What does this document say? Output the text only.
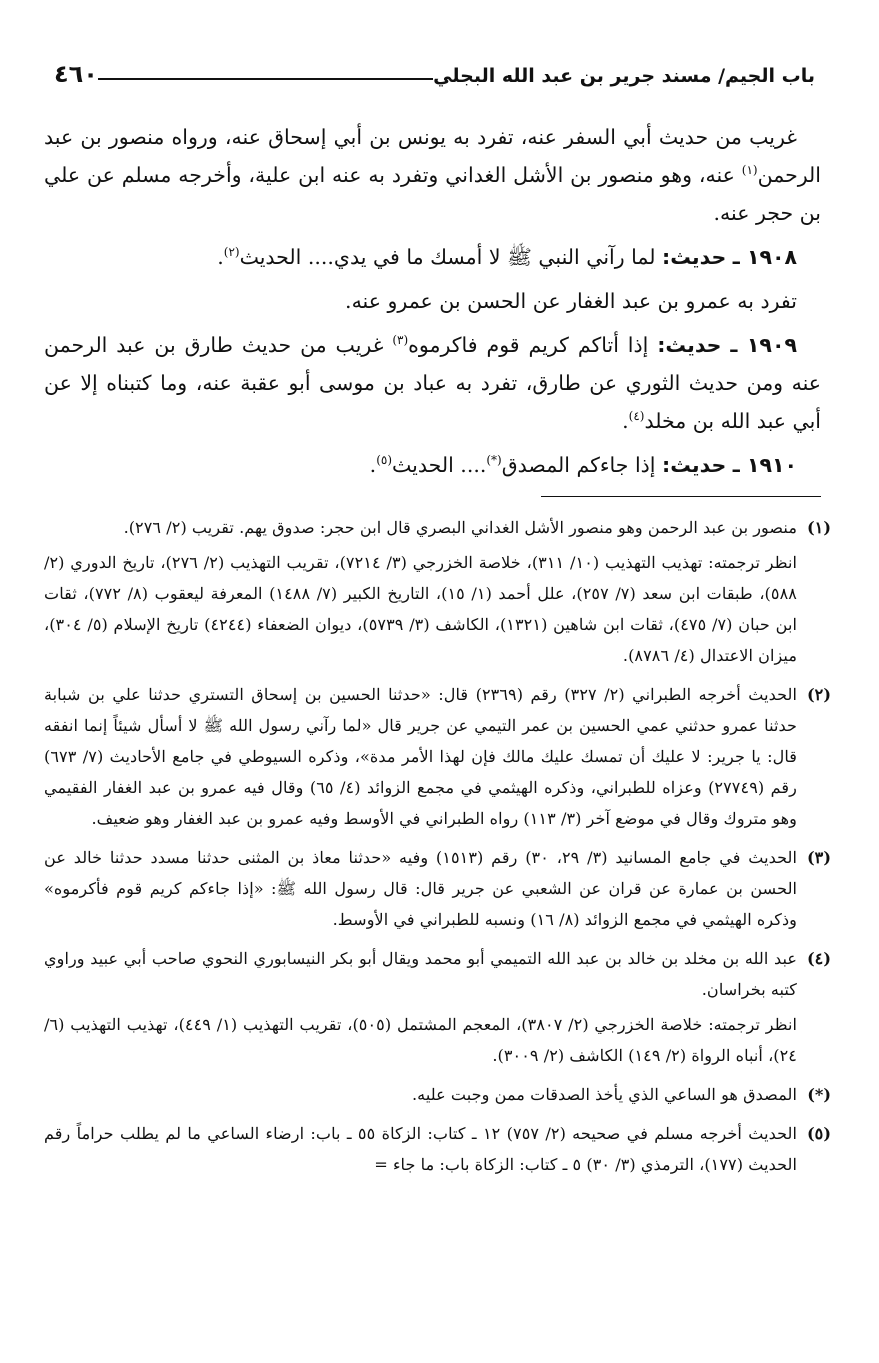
باب الجيم/ مسند جرير بن عبد الله البجلي
٤٦٠

غريب من حديث أبي السفر عنه، تفرد به يونس بن أبي إسحاق عنه، ورواه منصور بن عبد الرحمن$^{(١)}$ عنه، وهو منصور بن الأشل الغداني وتفرد به عنه ابن علية، وأخرجه مسلم عن علي بن حجر عنه.

١٩٠٨ ـ حديث: لما رآني النبي ﷺ لا أمسك ما في يدي.... الحديث$^{(٢)}$.

تفرد به عمرو بن عبد الغفار عن الحسن بن عمرو عنه.

١٩٠٩ ـ حديث: إذا أتاكم كريم قوم فاكرموه$^{(٣)}$ غريب من حديث طارق بن عبد الرحمن عنه ومن حديث الثوري عن طارق، تفرد به عباد بن موسى أبو عقبة عنه، وما كتبناه إلا عن أبي عبد الله بن مخلد$^{(٤)}$.

١٩١٠ ـ حديث: إذا جاءكم المصدق(*).... الحديث$^{(٥)}$.

(١)

منصور بن عبد الرحمن وهو منصور الأشل الغداني البصري قال ابن حجر: صدوق يهم. تقريب (٢/ ٢٧٦).

انظر ترجمته: تهذيب التهذيب (١٠/ ٣١١)، خلاصة الخزرجي (٣/ ٧٢١٤)، تقريب التهذيب (٢/ ٢٧٦)، تاريخ الدوري (٢/ ٥٨٨)، طبقات ابن سعد (٧/ ٢٥٧)، علل أحمد (١/ ١٥)، التاريخ الكبير (٧/ ١٤٨٨) المعرفة ليعقوب (٨/ ٧٧٢)، ثقات ابن حبان (٧/ ٤٧٥)، ثقات ابن شاهين (١٣٢١)، الكاشف (٣/ ٥٧٣٩)، ديوان الضعفاء (٤٢٤٤) تاريخ الإسلام (٥/ ٣٠٤)، ميزان الاعتدال (٤/ ٨٧٨٦).

(٢)

الحديث أخرجه الطبراني (٢/ ٣٢٧) رقم (٢٣٦٩) قال: «حدثنا الحسين بن إسحاق التستري حدثنا علي بن شبابة حدثنا عمرو حدثني عمي الحسين بن عمر التيمي عن جرير قال «لما رآني رسول الله ﷺ لا أسأل شيئاً إنما انفقه قال: يا جرير: لا عليك أن تمسك عليك مالك فإن لهذا الأمر مدة»، وذكره السيوطي في جامع الأحاديث (٧/ ٦٧٣) رقم (٢٧٧٤٩) وعزاه للطبراني، وذكره الهيثمي في مجمع الزوائد (٤/ ٦٥) وقال فيه عمرو بن عبد الغفار الفقيمي وهو متروك وقال في موضع آخر (٣/ ١١٣) رواه الطبراني في الأوسط وفيه عمرو بن عبد الغفار وهو ضعيف.

(٣)

الحديث في جامع المسانيد (٣/ ٢٩، ٣٠) رقم (١٥١٣) وفيه «حدثنا معاذ بن المثنى حدثنا مسدد حدثنا خالد عن الحسن بن عمارة عن قران عن الشعبي عن جرير قال: قال رسول الله ﷺ: «إذا جاءكم كريم قوم فأكرموه» وذكره الهيثمي في مجمع الزوائد (٨/ ١٦) ونسبه للطبراني في الأوسط.

(٤)

عبد الله بن مخلد بن خالد بن عبد الله التميمي أبو محمد ويقال أبو بكر النيسابوري النحوي صاحب أبي عبيد وراوي كتبه بخراسان.

انظر ترجمته: خلاصة الخزرجي (٢/ ٣٨٠٧)، المعجم المشتمل (٥٠٥)، تقريب التهذيب (١/ ٤٤٩)، تهذيب التهذيب (٦/ ٢٤)، أنباه الرواة (٢/ ١٤٩) الكاشف (٢/ ٣٠٠٩).

(*)

المصدق هو الساعي الذي يأخذ الصدقات ممن وجبت عليه.

(٥)

الحديث أخرجه مسلم في صحيحه (٢/ ٧٥٧) ١٢ ـ كتاب: الزكاة ٥٥ ـ باب: ارضاء الساعي ما لم يطلب حراماً رقم الحديث (١٧٧)، الترمذي (٣/ ٣٠) ٥ ـ كتاب: الزكاة باب: ما جاء =
